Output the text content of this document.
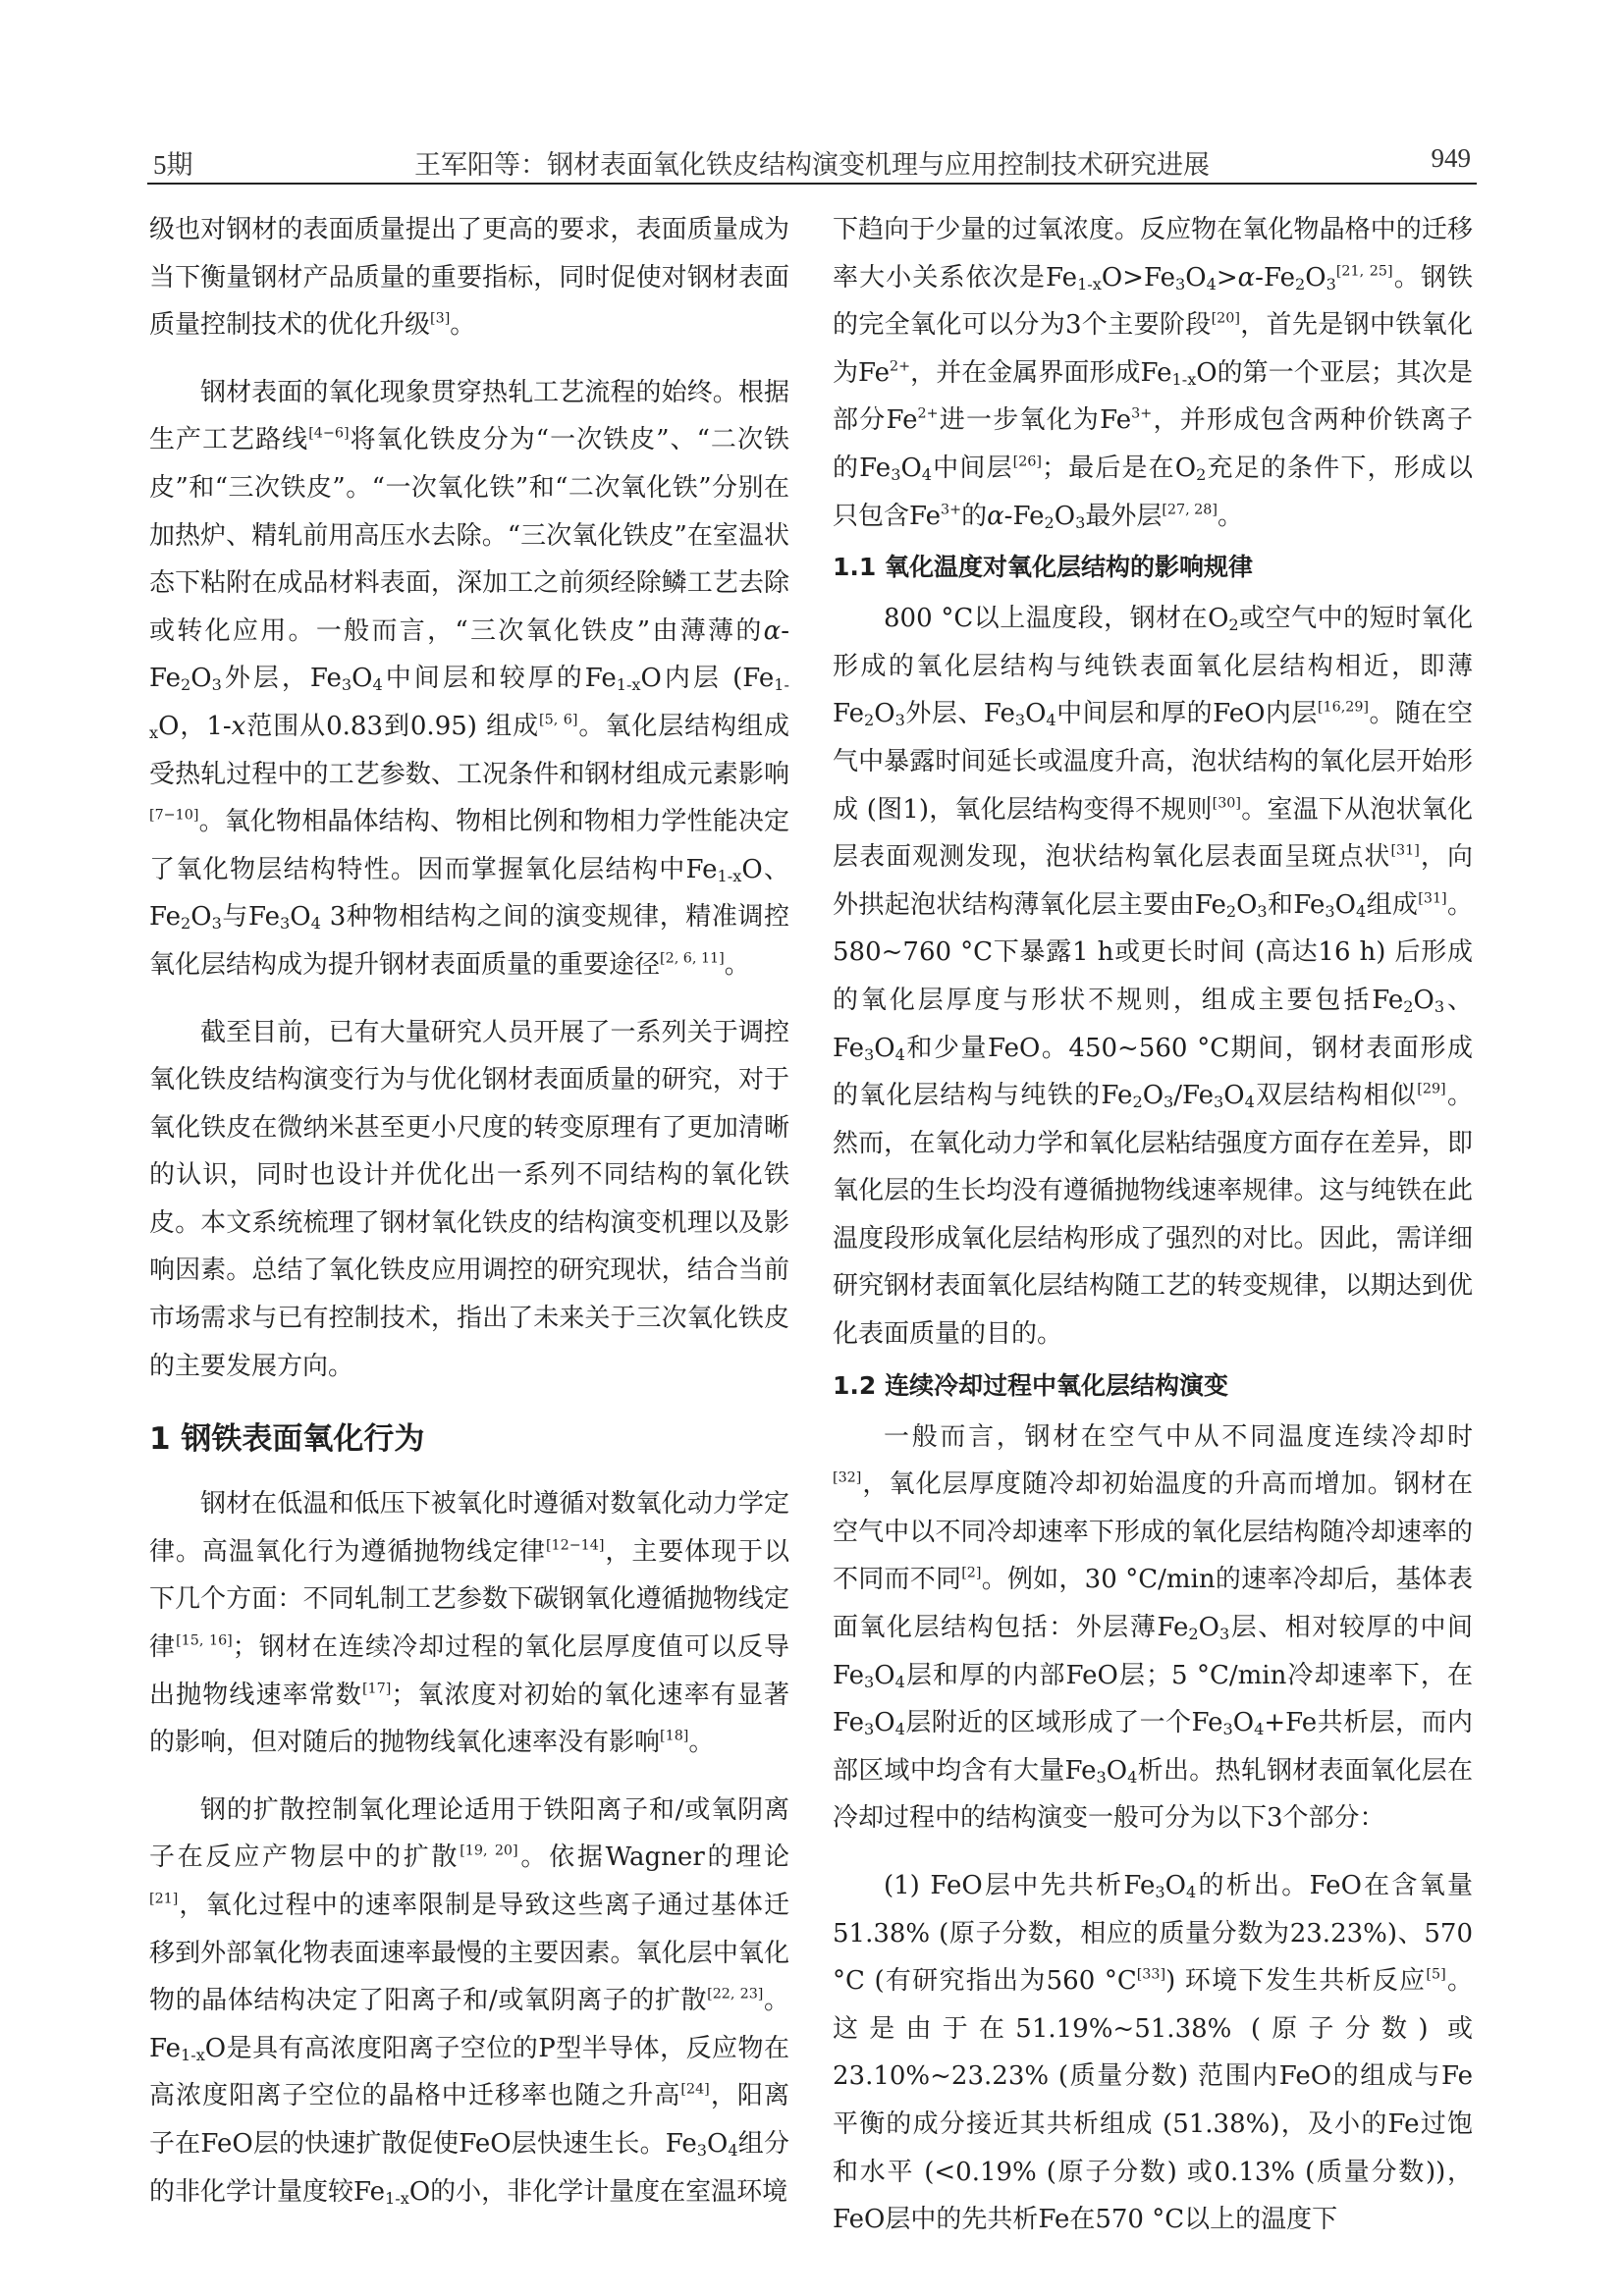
5期	王军阳等：钢材表面氧化铁皮结构演变机理与应用控制技术研究进展	949

级也对钢材的表面质量提出了更高的要求，表面质量成为当下衡量钢材产品质量的重要指标，同时促使对钢材表面质量控制技术的优化升级[3]。

钢材表面的氧化现象贯穿热轧工艺流程的始终。根据生产工艺路线[4−6]将氧化铁皮分为“一次铁皮”、“二次铁皮”和“三次铁皮”。“一次氧化铁”和“二次氧化铁”分别在加热炉、精轧前用高压水去除。“三次氧化铁皮”在室温状态下粘附在成品材料表面，深加工之前须经除鳞工艺去除或转化应用。一般而言，“三次氧化铁皮”由薄薄的$\alpha-Fe_2O_3$外层，$Fe_3O_4$中间层和较厚的$Fe_{1-x}O$内层 ($Fe_{1-x}O$，1-x范围从0.83到0.95) 组成[5, 6]。氧化层结构组成受热轧过程中的工艺参数、工况条件和钢材组成元素影响[7−10]。氧化物相晶体结构、物相比例和物相力学性能决定了氧化物层结构特性。因而掌握氧化层结构中$Fe_{1-x}O$、$Fe_2O_3$与$Fe_3O_4$ 3种物相结构之间的演变规律，精准调控氧化层结构成为提升钢材表面质量的重要途径[2, 6, 11]。

截至目前，已有大量研究人员开展了一系列关于调控氧化铁皮结构演变行为与优化钢材表面质量的研究，对于氧化铁皮在微纳米甚至更小尺度的转变原理有了更加清晰的认识，同时也设计并优化出一系列不同结构的氧化铁皮。本文系统梳理了钢材氧化铁皮的结构演变机理以及影响因素。总结了氧化铁皮应用调控的研究现状，结合当前市场需求与已有控制技术，指出了未来关于三次氧化铁皮的主要发展方向。

1 钢铁表面氧化行为

钢材在低温和低压下被氧化时遵循对数氧化动力学定律。高温氧化行为遵循抛物线定律[12−14]，主要体现于以下几个方面：不同轧制工艺参数下碳钢氧化遵循抛物线定律[15, 16]；钢材在连续冷却过程的氧化层厚度值可以反导出抛物线速率常数[17]；氧浓度对初始的氧化速率有显著的影响，但对随后的抛物线氧化速率没有影响[18]。

钢的扩散控制氧化理论适用于铁阳离子和/或氧阴离子在反应产物层中的扩散[19, 20]。依据Wagner的理论[21]，氧化过程中的速率限制是导致这些离子通过基体迁移到外部氧化物表面速率最慢的主要因素。氧化层中氧化物的晶体结构决定了阳离子和/或氧阴离子的扩散[22, 23]。$Fe_{1-x}O$是具有高浓度阳离子空位的P型半导体，反应物在高浓度阳离子空位的晶格中迁移率也随之升高[24]，阳离子在FeO层的快速扩散促使FeO层快速生长。$Fe_3O_4$组分的非化学计量度较$Fe_{1-x}O$的小，非化学计量度在室温环境

下趋向于少量的过氧浓度。反应物在氧化物晶格中的迁移率大小关系依次是$Fe_{1-x}O>Fe_3O_4>\alpha-Fe_2O_3[21, 25]$。钢铁的完全氧化可以分为3个主要阶段[20]，首先是钢中铁氧化为$Fe^{2+}$，并在金属界面形成$Fe_{1-x}O$的第一个亚层；其次是部分$Fe^{2+}$进一步氧化为$Fe^{3+}$，并形成包含两种价铁离子的$Fe_3O_4$中间层[26]；最后是在$O_2$充足的条件下，形成以只包含$Fe^{3+}$的$\alpha-Fe_2O_3$最外层[27, 28]。

1.1 氧化温度对氧化层结构的影响规律

800 °C以上温度段，钢材在$O_2$或空气中的短时氧化形成的氧化层结构与纯铁表面氧化层结构相近，即薄$Fe_2O_3$外层、$Fe_3O_4$中间层和厚的FeO内层[16,29]。随在空气中暴露时间延长或温度升高，泡状结构的氧化层开始形成 (图1)，氧化层结构变得不规则[30]。室温下从泡状氧化层表面观测发现，泡状结构氧化层表面呈斑点状[31]，向外拱起泡状结构薄氧化层主要由$Fe_2O_3$和$Fe_3O_4$组成[31]。580~760 °C下暴露1 h或更长时间 (高达16 h) 后形成的氧化层厚度与形状不规则，组成主要包括$Fe_2O_3$、$Fe_3O_4$和少量FeO。450~560 °C期间，钢材表面形成的氧化层结构与纯铁的$Fe_2O_3/Fe_3O_4$双层结构相似[29]。然而，在氧化动力学和氧化层粘结强度方面存在差异，即氧化层的生长均没有遵循抛物线速率规律。这与纯铁在此温度段形成氧化层结构形成了强烈的对比。因此，需详细研究钢材表面氧化层结构随工艺的转变规律，以期达到优化表面质量的目的。

1.2 连续冷却过程中氧化层结构演变

一般而言，钢材在空气中从不同温度连续冷却时[32]，氧化层厚度随冷却初始温度的升高而增加。钢材在空气中以不同冷却速率下形成的氧化层结构随冷却速率的不同而不同[2]。例如，30 °C/min的速率冷却后，基体表面氧化层结构包括：外层薄$Fe_2O_3$层、相对较厚的中间$Fe_3O_4$层和厚的内部FeO层；5 °C/min冷却速率下，在$Fe_3O_4$层附近的区域形成了一个$Fe_3O_4+Fe$共析层，而内部区域中均含有大量$Fe_3O_4$析出。热轧钢材表面氧化层在冷却过程中的结构演变一般可分为以下3个部分：

(1) FeO层中先共析$Fe_3O_4$的析出。FeO在含氧量51.38% (原子分数，相应的质量分数为23.23%)、570 °C (有研究指出为560 °C[33]) 环境下发生共析反应[5]。这是由于在51.19%~51.38% (原子分数) 或23.10%~23.23% (质量分数) 范围内FeO的组成与Fe平衡的成分接近其共析组成 (51.38%)，及小的Fe过饱和水平 (<0.19% (原子分数) 或0.13% (质量分数))，FeO层中的先共析Fe在570 °C以上的温度下
